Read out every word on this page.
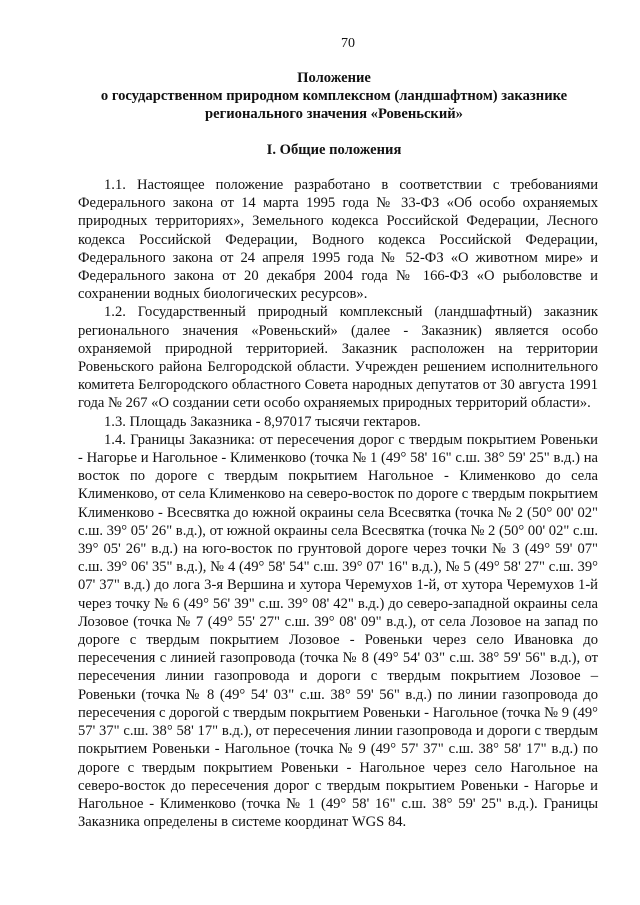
70
Положение
о государственном природном комплексном (ландшафтном) заказнике
регионального значения «Ровеньский»
I. Общие положения

1.1. Настоящее положение разработано в соответствии с требованиями Федерального закона от 14 марта 1995 года № 33-ФЗ «Об особо охраняемых природных территориях», Земельного кодекса Российской Федерации, Лесного кодекса Российской Федерации, Водного кодекса Российской Федерации, Федерального закона от 24 апреля 1995 года № 52-ФЗ «О животном мире» и Федерального закона от 20 декабря 2004 года № 166-ФЗ «О рыболовстве и сохранении водных биологических ресурсов».

1.2. Государственный природный комплексный (ландшафтный) заказник регионального значения «Ровеньский» (далее - Заказник) является особо охраняемой природной территорией. Заказник расположен на территории Ровеньского района Белгородской области. Учрежден решением исполнительного комитета Белгородского областного Совета народных депутатов от 30 августа 1991 года № 267 «О создании сети особо охраняемых природных территорий области».

1.3. Площадь Заказника - 8,97017 тысячи гектаров.

1.4. Границы Заказника: от пересечения дорог с твердым покрытием Ровеньки - Нагорье и Нагольное - Клименково (точка № 1 (49° 58' 16" с.ш. 38° 59' 25" в.д.) на восток по дороге с твердым покрытием Нагольное - Клименково до села Клименково, от села Клименково на северо-восток по дороге с твердым покрытием Клименково - Всесвятка до южной окраины села Всесвятка (точка № 2 (50° 00' 02" с.ш. 39° 05' 26" в.д.), от южной окраины села Всесвятка (точка № 2 (50° 00' 02" с.ш. 39° 05' 26" в.д.) на юго-восток по грунтовой дороге через точки № 3 (49° 59' 07" с.ш. 39° 06' 35" в.д.), № 4 (49° 58' 54" с.ш. 39° 07' 16" в.д.), № 5 (49° 58' 27" с.ш. 39° 07' 37" в.д.) до лога 3-я Вершина и хутора Черемухов 1-й, от хутора Черемухов 1-й через точку № 6 (49° 56' 39" с.ш. 39° 08' 42" в.д.) до северо-западной окраины села Лозовое (точка № 7 (49° 55' 27" с.ш. 39° 08' 09" в.д.), от села Лозовое на запад по дороге с твердым покрытием Лозовое - Ровеньки через село Ивановка до пересечения с линией газопровода (точка № 8 (49° 54' 03" с.ш. 38° 59' 56" в.д.), от пересечения линии газопровода и дороги с твердым покрытием Лозовое – Ровеньки (точка № 8 (49° 54' 03" с.ш. 38° 59' 56" в.д.) по линии газопровода до пересечения с дорогой с твердым покрытием Ровеньки - Нагольное (точка № 9 (49° 57' 37" с.ш. 38° 58' 17" в.д.), от пересечения линии газопровода и дороги с твердым покрытием Ровеньки - Нагольное (точка № 9 (49° 57' 37" с.ш. 38° 58' 17" в.д.) по дороге с твердым покрытием Ровеньки - Нагольное через село Нагольное на северо-восток до пересечения дорог с твердым покрытием Ровеньки - Нагорье и Нагольное - Клименково (точка № 1 (49° 58' 16" с.ш. 38° 59' 25" в.д.). Границы Заказника определены в системе координат WGS 84.
